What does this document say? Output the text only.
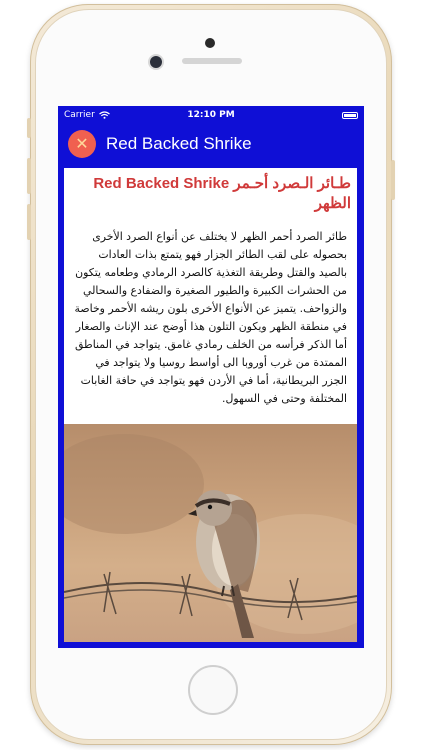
Carrier	12:10 PM
✕ Red Backed Shrike
طـائر الـصرد أحـمر Red Backed Shrike الظهر
طائر الصرد أحمر الظهر لا يختلف عن أنواع الصرد الأخرى بحصوله على لقب الطائر الجزار فهو يتمتع بذات العادات بالصيد والقتل وطريقة التغذية كالصرد الرمادي وطعامه يتكون من الحشرات الكبيرة والطيور الصغيرة والضفادع والسحالي والزواحف. يتميز عن الأنواع الأخرى بلون ريشه الأحمر وخاصة في منطقة الظهر ويكون التلون هذا أوضح عند الإناث والصغار أما الذكر فرأسه من الخلف رمادي غامق. يتواجد في المناطق الممتدة من غرب أوروبا الى أواسط روسيا ولا يتواجد في الجزر البريطانية، أما في الأردن فهو يتواجد في حافة الغابات المختلفة وحتى في السهول.
